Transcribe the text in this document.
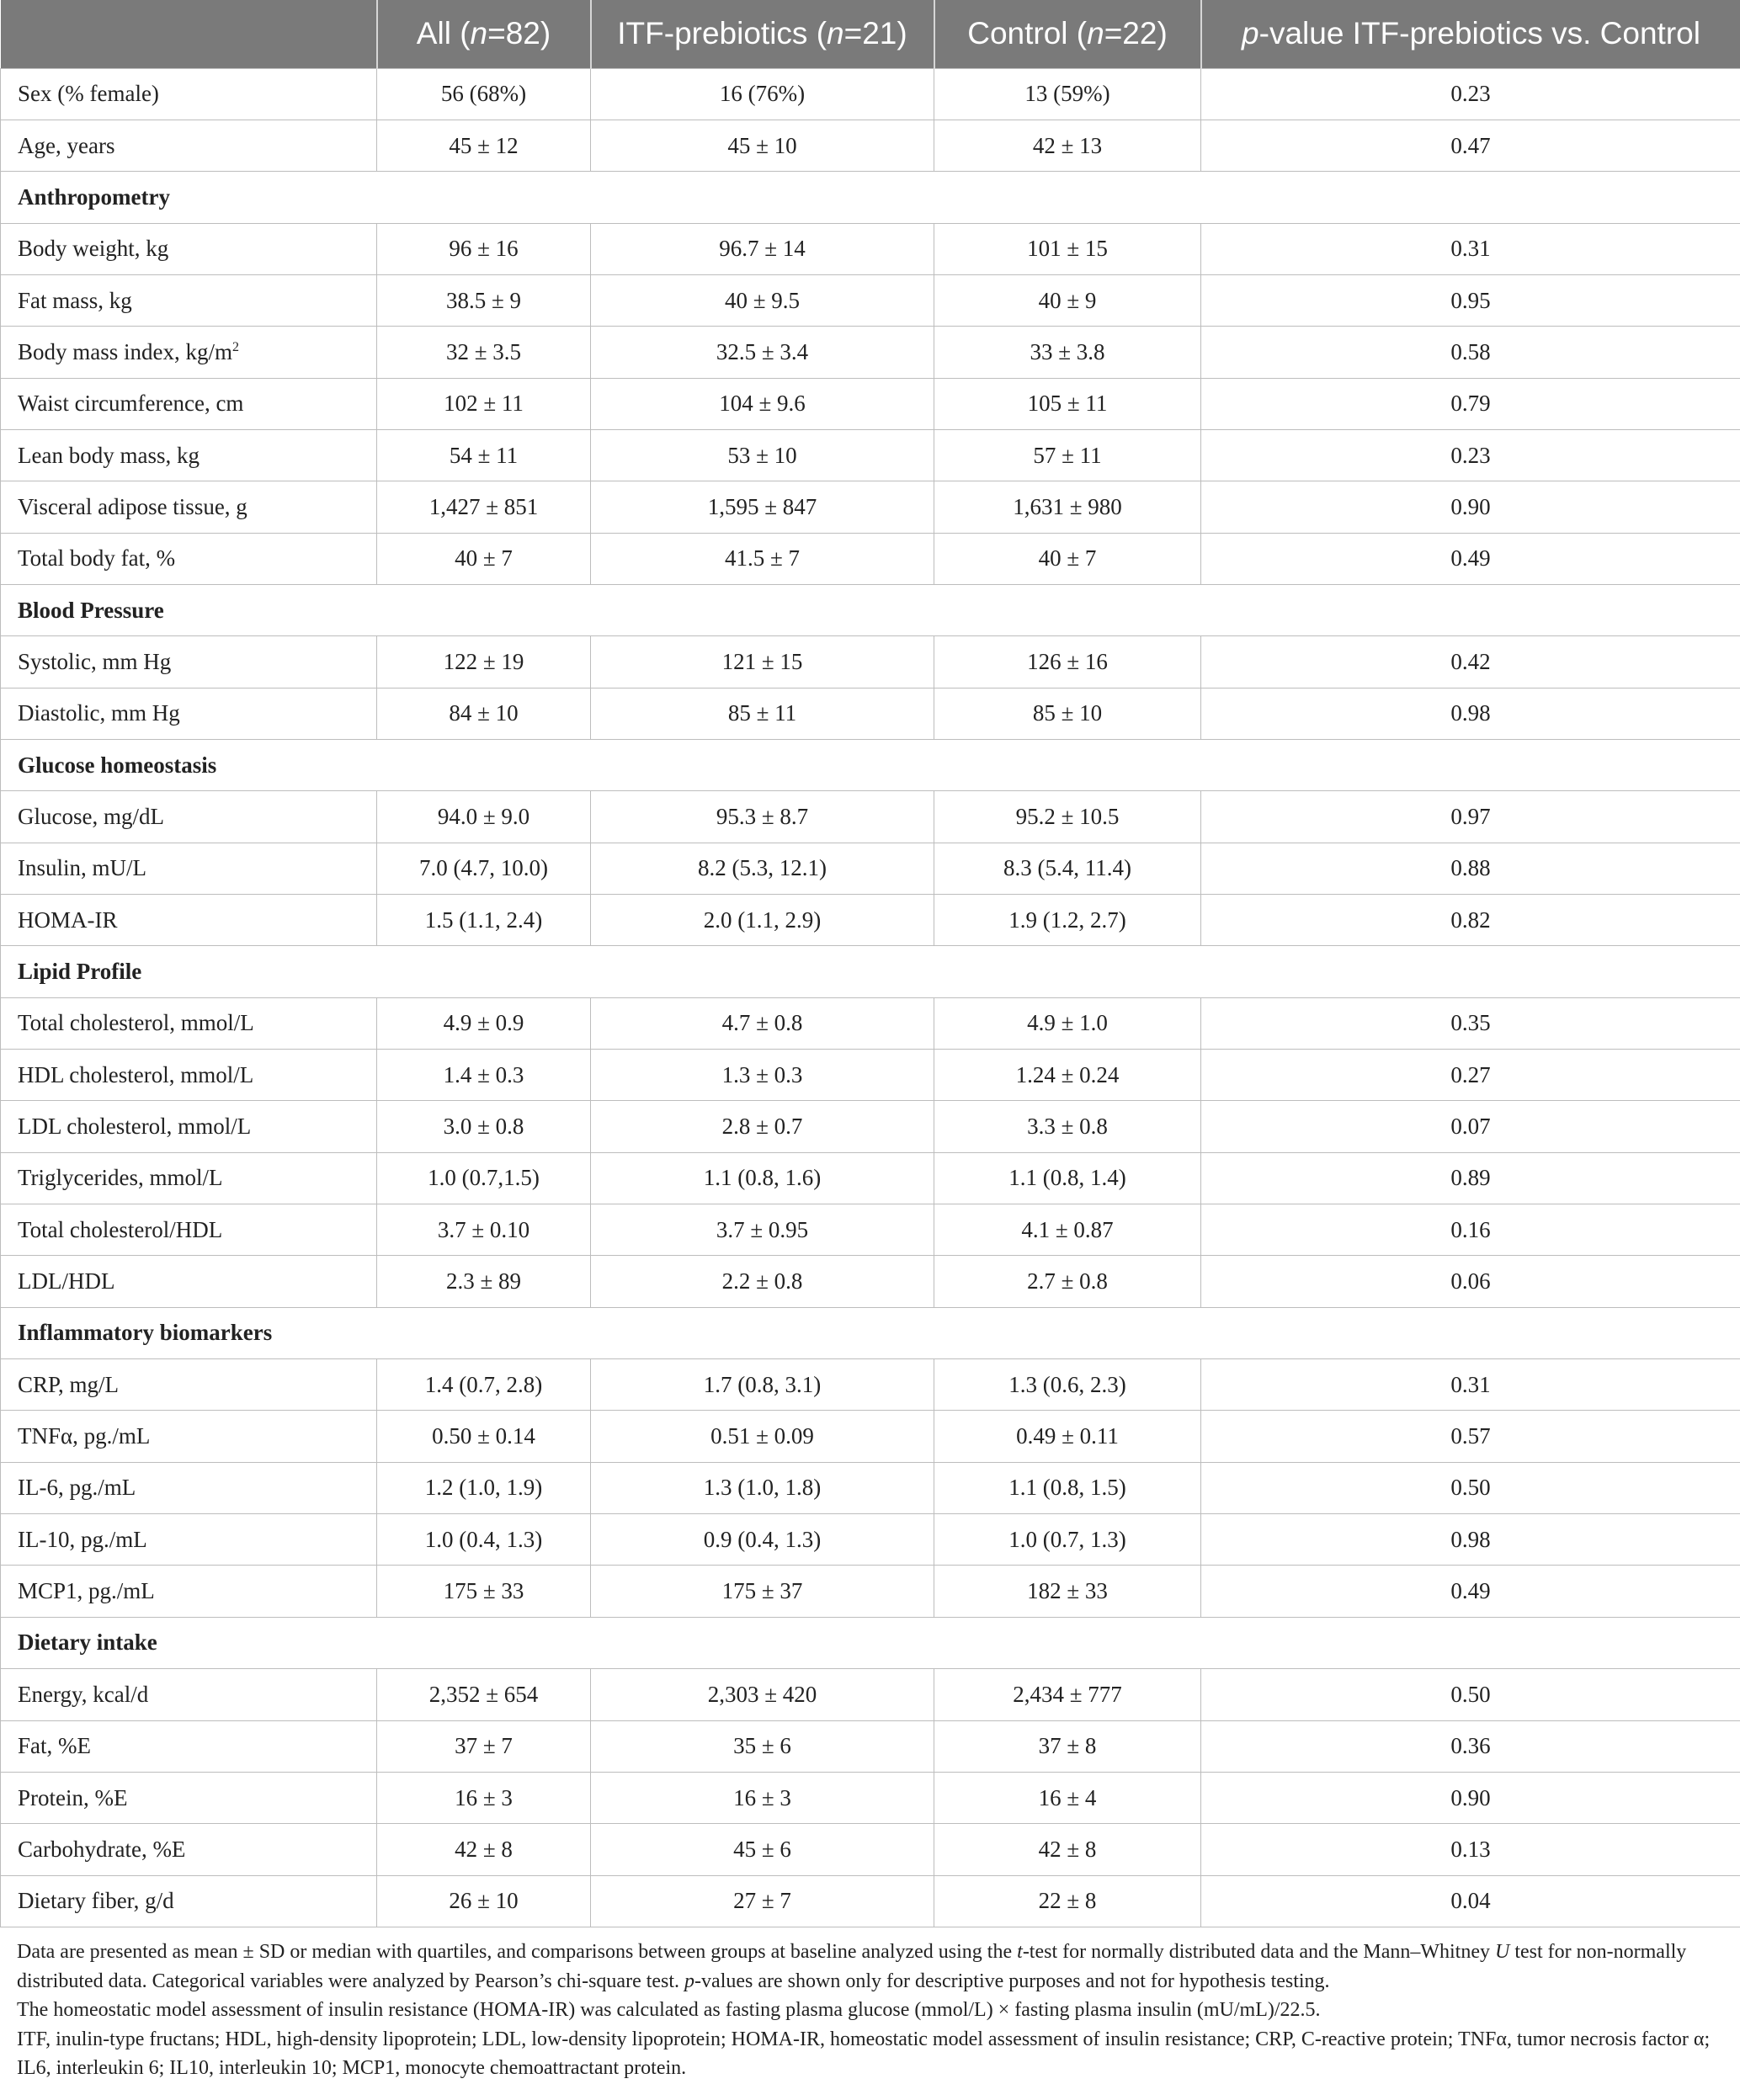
	All (n=82)	ITF-prebiotics (n=21)	Control (n=22)	p-value ITF-prebiotics vs. Control
Sex (% female)	56 (68%)	16 (76%)	13 (59%)	0.23
Age, years	45 ± 12	45 ± 10	42 ± 13	0.47
Anthropometry				
Body weight, kg	96 ± 16	96.7 ± 14	101 ± 15	0.31
Fat mass, kg	38.5 ± 9	40 ± 9.5	40 ± 9	0.95
Body mass index, $kg/m^2$	32 ± 3.5	32.5 ± 3.4	33 ± 3.8	0.58
Waist circumference, cm	102 ± 11	104 ± 9.6	105 ± 11	0.79
Lean body mass, kg	54 ± 11	53 ± 10	57 ± 11	0.23
Visceral adipose tissue, g	1,427 ± 851	1,595 ± 847	1,631 ± 980	0.90
Total body fat, %	40 ± 7	41.5 ± 7	40 ± 7	0.49
Blood Pressure				
Systolic, mm Hg	122 ± 19	121 ± 15	126 ± 16	0.42
Diastolic, mm Hg	84 ± 10	85 ± 11	85 ± 10	0.98
Glucose homeostasis				
Glucose, mg/dL	94.0 ± 9.0	95.3 ± 8.7	95.2 ± 10.5	0.97
Insulin, mU/L	7.0 (4.7, 10.0)	8.2 (5.3, 12.1)	8.3 (5.4, 11.4)	0.88
HOMA-IR	1.5 (1.1, 2.4)	2.0 (1.1, 2.9)	1.9 (1.2, 2.7)	0.82
Lipid Profile				
Total cholesterol, mmol/L	4.9 ± 0.9	4.7 ± 0.8	4.9 ± 1.0	0.35
HDL cholesterol, mmol/L	1.4 ± 0.3	1.3 ± 0.3	1.24 ± 0.24	0.27
LDL cholesterol, mmol/L	3.0 ± 0.8	2.8 ± 0.7	3.3 ± 0.8	0.07
Triglycerides, mmol/L	1.0 (0.7,1.5)	1.1 (0.8, 1.6)	1.1 (0.8, 1.4)	0.89
Total cholesterol/HDL	3.7 ± 0.10	3.7 ± 0.95	4.1 ± 0.87	0.16
LDL/HDL	2.3 ± 89	2.2 ± 0.8	2.7 ± 0.8	0.06
Inflammatory biomarkers				
CRP, mg/L	1.4 (0.7, 2.8)	1.7 (0.8, 3.1)	1.3 (0.6, 2.3)	0.31
TNFα, pg./mL	0.50 ± 0.14	0.51 ± 0.09	0.49 ± 0.11	0.57
IL-6, pg./mL	1.2 (1.0, 1.9)	1.3 (1.0, 1.8)	1.1 (0.8, 1.5)	0.50
IL-10, pg./mL	1.0 (0.4, 1.3)	0.9 (0.4, 1.3)	1.0 (0.7, 1.3)	0.98
MCP1, pg./mL	175 ± 33	175 ± 37	182 ± 33	0.49
Dietary intake				
Energy, kcal/d	2,352 ± 654	2,303 ± 420	2,434 ± 777	0.50
Fat, %E	37 ± 7	35 ± 6	37 ± 8	0.36
Protein, %E	16 ± 3	16 ± 3	16 ± 4	0.90
Carbohydrate, %E	42 ± 8	45 ± 6	42 ± 8	0.13
Dietary fiber, g/d	26 ± 10	27 ± 7	22 ± 8	0.04

Data are presented as mean ± SD or median with quartiles, and comparisons between groups at baseline analyzed using the t-test for normally distributed data and the Mann–Whitney U test for non-normally distributed data. Categorical variables were analyzed by Pearson’s chi-square test. p-values are shown only for descriptive purposes and not for hypothesis testing.

The homeostatic model assessment of insulin resistance (HOMA-IR) was calculated as fasting plasma glucose (mmol/L) × fasting plasma insulin (mU/mL)/22.5.

ITF, inulin-type fructans; HDL, high-density lipoprotein; LDL, low-density lipoprotein; HOMA-IR, homeostatic model assessment of insulin resistance; CRP, C-reactive protein; TNFα, tumor necrosis factor α; IL6, interleukin 6; IL10, interleukin 10; MCP1, monocyte chemoattractant protein.
